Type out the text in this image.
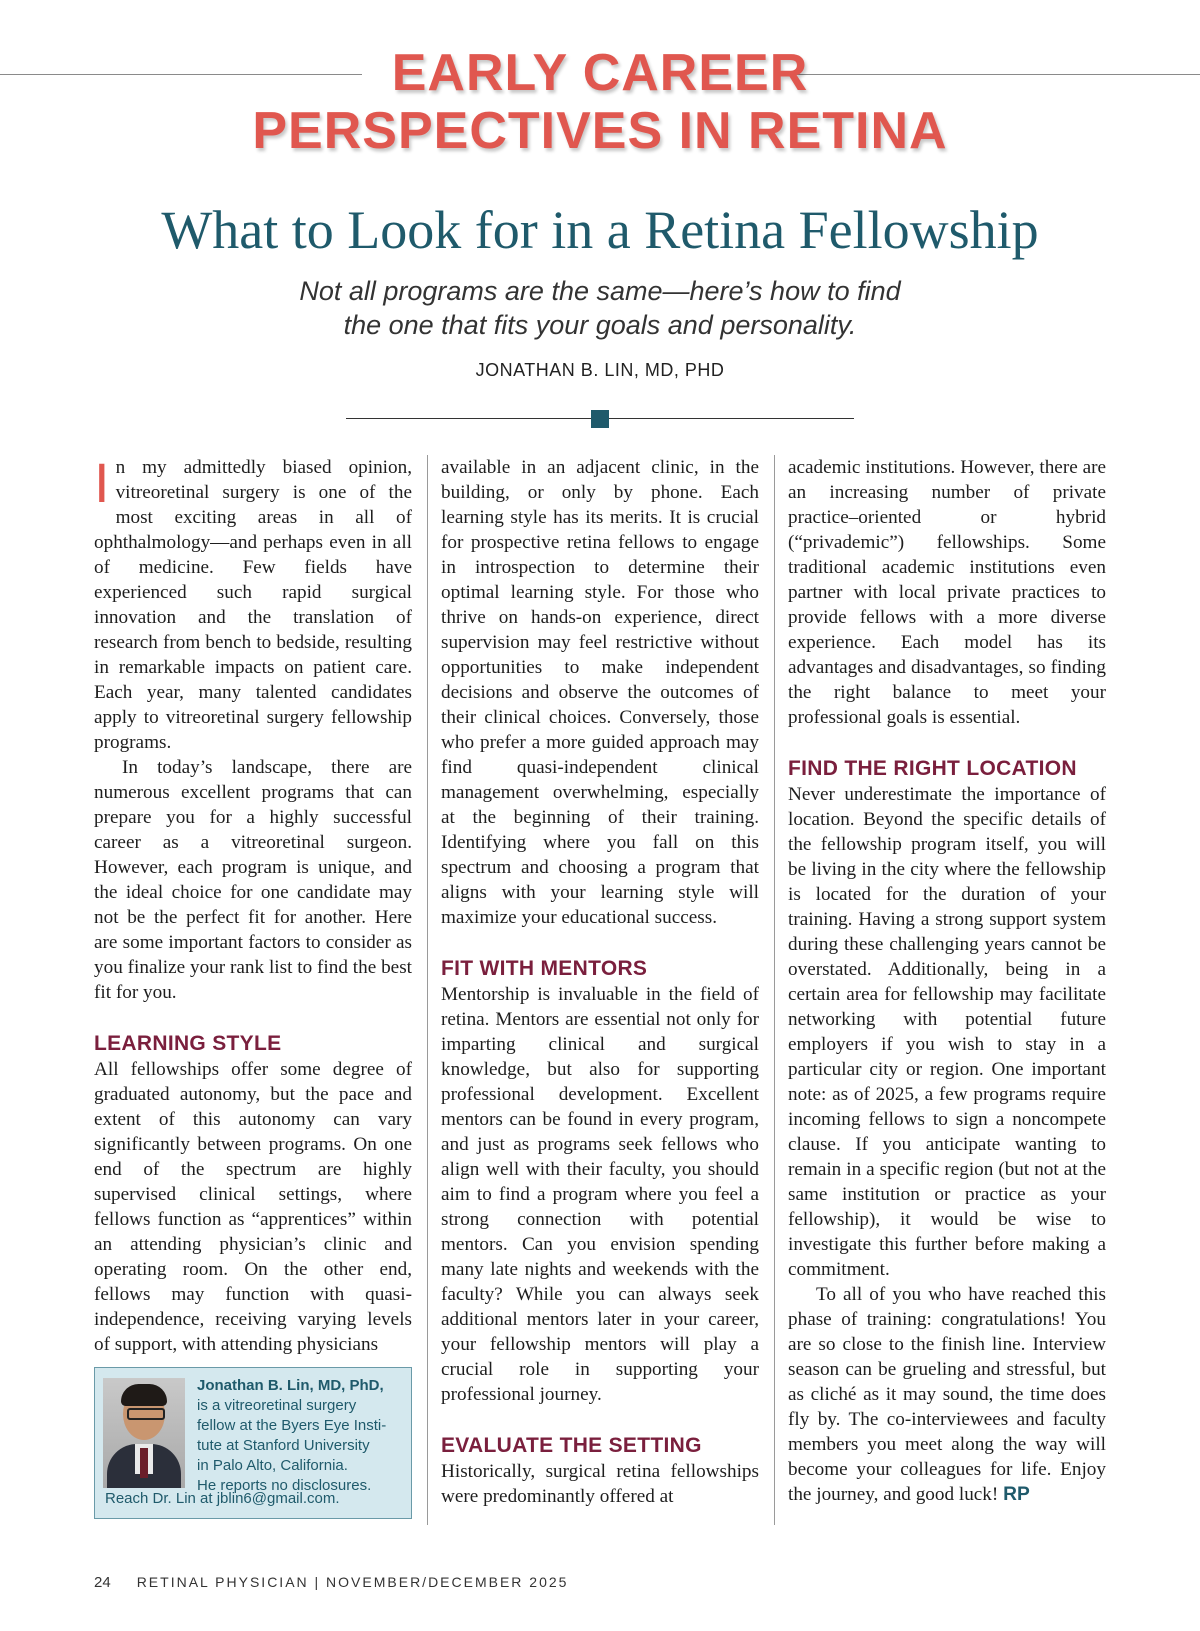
EARLY CAREER
PERSPECTIVES IN RETINA
What to Look for in a Retina Fellowship
Not all programs are the same—here’s how to find
the one that fits your goals and personality.
JONATHAN B. LIN, MD, PHD

In my admittedly biased opinion, vitreoretinal surgery is one of the most exciting areas in all of ophthalmology—and perhaps even in all of medicine. Few fields have experienced such rapid surgical innovation and the translation of research from bench to bedside, resulting in remarkable impacts on patient care. Each year, many talented candidates apply to vitreoretinal surgery fellowship programs.

In today’s landscape, there are numerous excellent programs that can prepare you for a highly successful career as a vitreoretinal surgeon. However, each program is unique, and the ideal choice for one candidate may not be the perfect fit for another. Here are some important factors to consider as you finalize your rank list to find the best fit for you.

LEARNING STYLE

All fellowships offer some degree of graduated autonomy, but the pace and extent of this autonomy can vary significantly between programs. On one end of the spectrum are highly supervised clinical settings, where fellows function as “apprentices” within an attending physician’s clinic and operating room. On the other end, fellows may function with quasi-independence, receiving varying levels of support, with attending physicians

available in an adjacent clinic, in the building, or only by phone. Each learning style has its merits. It is crucial for prospective retina fellows to engage in introspection to determine their optimal learning style. For those who thrive on hands-on experience, direct supervision may feel restrictive without opportunities to make independent decisions and observe the outcomes of their clinical choices. Conversely, those who prefer a more guided approach may find quasi-independent clinical management overwhelming, especially at the beginning of their training. Identifying where you fall on this spectrum and choosing a program that aligns with your learning style will maximize your educational success.

FIT WITH MENTORS

Mentorship is invaluable in the field of retina. Mentors are essential not only for imparting clinical and surgical knowledge, but also for supporting professional development. Excellent mentors can be found in every program, and just as programs seek fellows who align well with their faculty, you should aim to find a program where you feel a strong connection with potential mentors. Can you envision spending many late nights and weekends with the faculty? While you can always seek additional mentors later in your career, your fellowship mentors will play a crucial role in supporting your professional journey.

EVALUATE THE SETTING

Historically, surgical retina fellowships were predominantly offered at

academic institutions. However, there are an increasing number of private practice–oriented or hybrid (“privademic”) fellowships. Some traditional academic institutions even partner with local private practices to provide fellows with a more diverse experience. Each model has its advantages and disadvantages, so finding the right balance to meet your professional goals is essential.

FIND THE RIGHT LOCATION

Never underestimate the importance of location. Beyond the specific details of the fellowship program itself, you will be living in the city where the fellowship is located for the duration of your training. Having a strong support system during these challenging years cannot be overstated. Additionally, being in a certain area for fellowship may facilitate networking with potential future employers if you wish to stay in a particular city or region. One important note: as of 2025, a few programs require incoming fellows to sign a noncompete clause. If you anticipate wanting to remain in a specific region (but not at the same institution or practice as your fellowship), it would be wise to investigate this further before making a commitment.

To all of you who have reached this phase of training: congratulations! You are so close to the finish line. Interview season can be grueling and stressful, but as cliché as it may sound, the time does fly by. The co-interviewees and faculty members you meet along the way will become your colleagues for life. Enjoy the journey, and good luck! RP

Jonathan B. Lin, MD, PhD,
is a vitreoretinal surgery
fellow at the Byers Eye Insti-
tute at Stanford University
in Palo Alto, California.
He reports no disclosures.
Reach Dr. Lin at jblin6@gmail.com.
24 RETINAL PHYSICIAN | NOVEMBER/DECEMBER 2025
